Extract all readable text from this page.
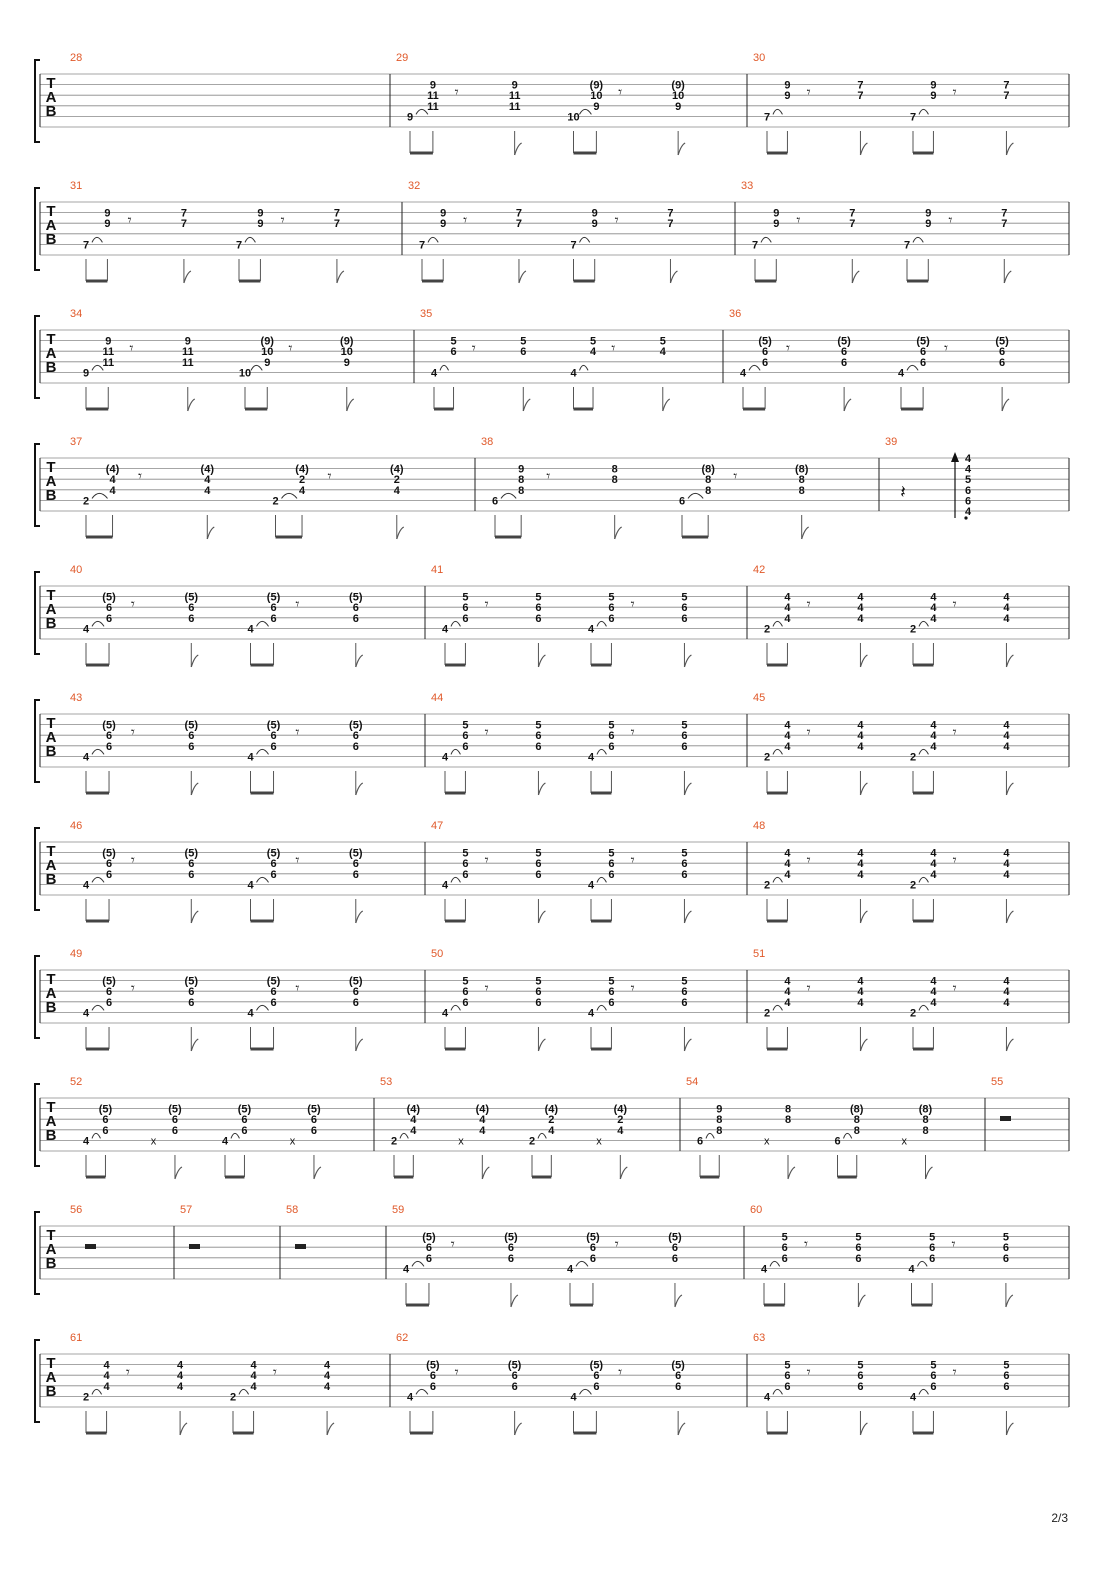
T
A
B
28	29
9
𝄾
9
11
11
9
11
11
10
𝄾
(9)
10
9
(9)
10
9
30
7
𝄾
9
9
7
7
7
𝄾
9
9
7
7
T
A
B
31
7
𝄾
9
9
7
7
7
𝄾
9
9
7
7
32
7
𝄾
9
9
7
7
7
𝄾
9
9
7
7
33
7
𝄾
9
9
7
7
7
𝄾
9
9
7
7
T
A
B
34
9
𝄾
9
11
11
9
11
11
10
𝄾
(9)
10
9
(9)
10
9
35
4
𝄾
5
6
5
6
4
𝄾
5
4
5
4
36
4
𝄾
(5)
6
6
(5)
6
6
4
𝄾
(5)
6
6
(5)
6
6
T
A
B
37
2
𝄾
(4)
4
4
(4)
4
4
2
𝄾
(4)
2
4
(4)
2
4
38
6
𝄾
9
8
8
8
8
6
𝄾
(8)
8
8
(8)
8
8
39
𝄽
4
4
5
6
6
4
T
A
B
40
4
𝄾
(5)
6
6
(5)
6
6
4
𝄾
(5)
6
6
(5)
6
6
41
4
𝄾
5
6
6
5
6
6
4
𝄾
5
6
6
5
6
6
42
2
𝄾
4
4
4
4
4
4
2
𝄾
4
4
4
4
4
4
T
A
B
43
4
𝄾
(5)
6
6
(5)
6
6
4
𝄾
(5)
6
6
(5)
6
6
44
4
𝄾
5
6
6
5
6
6
4
𝄾
5
6
6
5
6
6
45
2
𝄾
4
4
4
4
4
4
2
𝄾
4
4
4
4
4
4
T
A
B
46
4
𝄾
(5)
6
6
(5)
6
6
4
𝄾
(5)
6
6
(5)
6
6
47
4
𝄾
5
6
6
5
6
6
4
𝄾
5
6
6
5
6
6
48
2
𝄾
4
4
4
4
4
4
2
𝄾
4
4
4
4
4
4
T
A
B
49
4
𝄾
(5)
6
6
(5)
6
6
4
𝄾
(5)
6
6
(5)
6
6
50
4
𝄾
5
6
6
5
6
6
4
𝄾
5
6
6
5
6
6
51
2
𝄾
4
4
4
4
4
4
2
𝄾
4
4
4
4
4
4
T
A
B
52
4
(5)
6
6
x
(5)
6
6
4
(5)
6
6
x
(5)
6
6
53
2
(4)
4
4
x
(4)
4
4
2
(4)
2
4
x
(4)
2
4
54
6
9
8
8
x
8
8
6
(8)
8
8
x
(8)
8
8
55
T
A
B
56	57	58	59
4
𝄾
(5)
6
6
(5)
6
6
4
𝄾
(5)
6
6
(5)
6
6
60
4
𝄾
5
6
6
5
6
6
4
𝄾
5
6
6
5
6
6
T
A
B
61
2
𝄾
4
4
4
4
4
4
2
𝄾
4
4
4
4
4
4
62
4
𝄾
(5)
6
6
(5)
6
6
4
𝄾
(5)
6
6
(5)
6
6
63
4
𝄾
5
6
6
5
6
6
4
𝄾
5
6
6
5
6
6
2/3
